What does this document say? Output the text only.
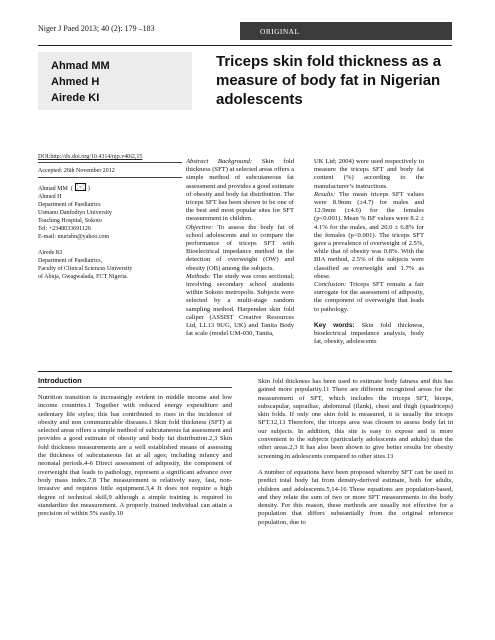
Niger J Paed 2013; 40 (2): 179 –183	ORIGINAL
Ahmad MM
Ahmed H
Airede KI
Triceps skin fold thickness as a measure of body fat in Nigerian adolescents
DOI:http://dx.doi.org/10.4314/njp.v40i2,15
Accepted: 26th November 2012
Ahmad MM  (	)
Ahmed H
Department of Paediatrics
Usmanu Danfodiyo University
Teaching Hospital, Sokoto
Tel: +2348033691126
E-mail: murisbn@yahoo.com
Airede KI
Department of Paediatrics,
Faculty of Clinical Sciences University
of Abuja, Gwagwalada, FCT Nigeria.

Abstract Background: Skin fold thickness (SFT) at selected areas offers a simple method of subcutaneous fat assessment and provides a good estimate of obesity and body fat distribution. The triceps SFT has been shown to be one of the best and most popular sites for SFT measurement in children.

Objective: To assess the body fat of school adolescents and to compare the performance of triceps SFT with Bioelectrical impedance method in the detection of overweight (OW) and obesity (OB) among the subjects.

Methods: The study was cross sectional; involving secondary school students within Sokoto metropolis. Subjects were selected by a multi-stage random sampling method. Harpenden skin fold caliper (ASSIST Creative Resources Ltd, LL13 9UG, UK) and Tanita Body fat scale (model UM-030, Tanita,

UK Ltd; 2004) were used respectively to measure the triceps SFT and body fat content (%) according to the manufacturer’s instructions.

Results: The mean triceps SFT values were 8.9mm (±4.7) for males and 12.9mm (±4.6) for the females (p<0.001). Mean % BF values were 8.2 ± 4.1% for the males, and 20.0 ± 6.8% for the females (p<0.001). The triceps SFT gave a prevalence of overweight of 2.5%, while that of obesity was 0.8%. With the BIA method, 2.5% of the subjects were classified as overweight and 1.7% as obese.

Conclusion: Triceps SFT remain a fair surrogate for the assessment of adiposity, the component of overweight that leads to pathology.

Key words: Skin fold thickness, bioelectrical impedance analysis, body fat, obesity, adolescents

Introduction

Nutrition transition is increasingly evident in middle income and low income countries.1 Together with reduced energy expenditure and sedentary life styles; this has contributed to rises in the incidence of obesity and non communicable diseases.1 Skin fold thickness (SFT) at selected areas offers a simple method of subcutaneous fat assessment and provides a good estimate of obesity and body fat distribution.2,3 Skin fold thickness measurements are a well established means of assessing the thickness of subcutaneous fat at all ages; including infancy and neonatal periods.4-6 Direct assessment of adiposity, the component of overweight that leads to pathology, represent a significant advance over body mass index.7,8 The measurement is relatively easy, fast, non-invasive and requires little equipment.3,4 It does not require a high degree of technical skill,9 although a simple training is required to standardize the measurement. A properly trained individual can attain a precision of within 5% easily.10

Skin fold thickness has been used to estimate body fatness and this has gained more popularity.11 There are different recognized areas for the measurement of SFT, which includes the triceps SFT, biceps, subscapular, suprailiac, abdominal (flank), chest and thigh (quadriceps) skin folds. If only one skin fold is measured, it is usually the triceps SFT.12,13 Therefore, the triceps area was chosen to assess body fat in our subjects. In addition, this site is easy to expose and is more convenient to the subjects (particularly adolescents and adults) than the other areas.2,3 It has also been shown to give better results for obesity screening in adolescents compared to other sites.13

A number of equations have been proposed whereby SFT can be used to predict total body fat from density-derived estimate, both for adults, children and adolescents.5,14-16 These equations are population-based, and they relate the sum of two or more SFT measurements to the body density. For this reason, these methods are usually not effective for a population that differs substantially from the original reference population, due to
